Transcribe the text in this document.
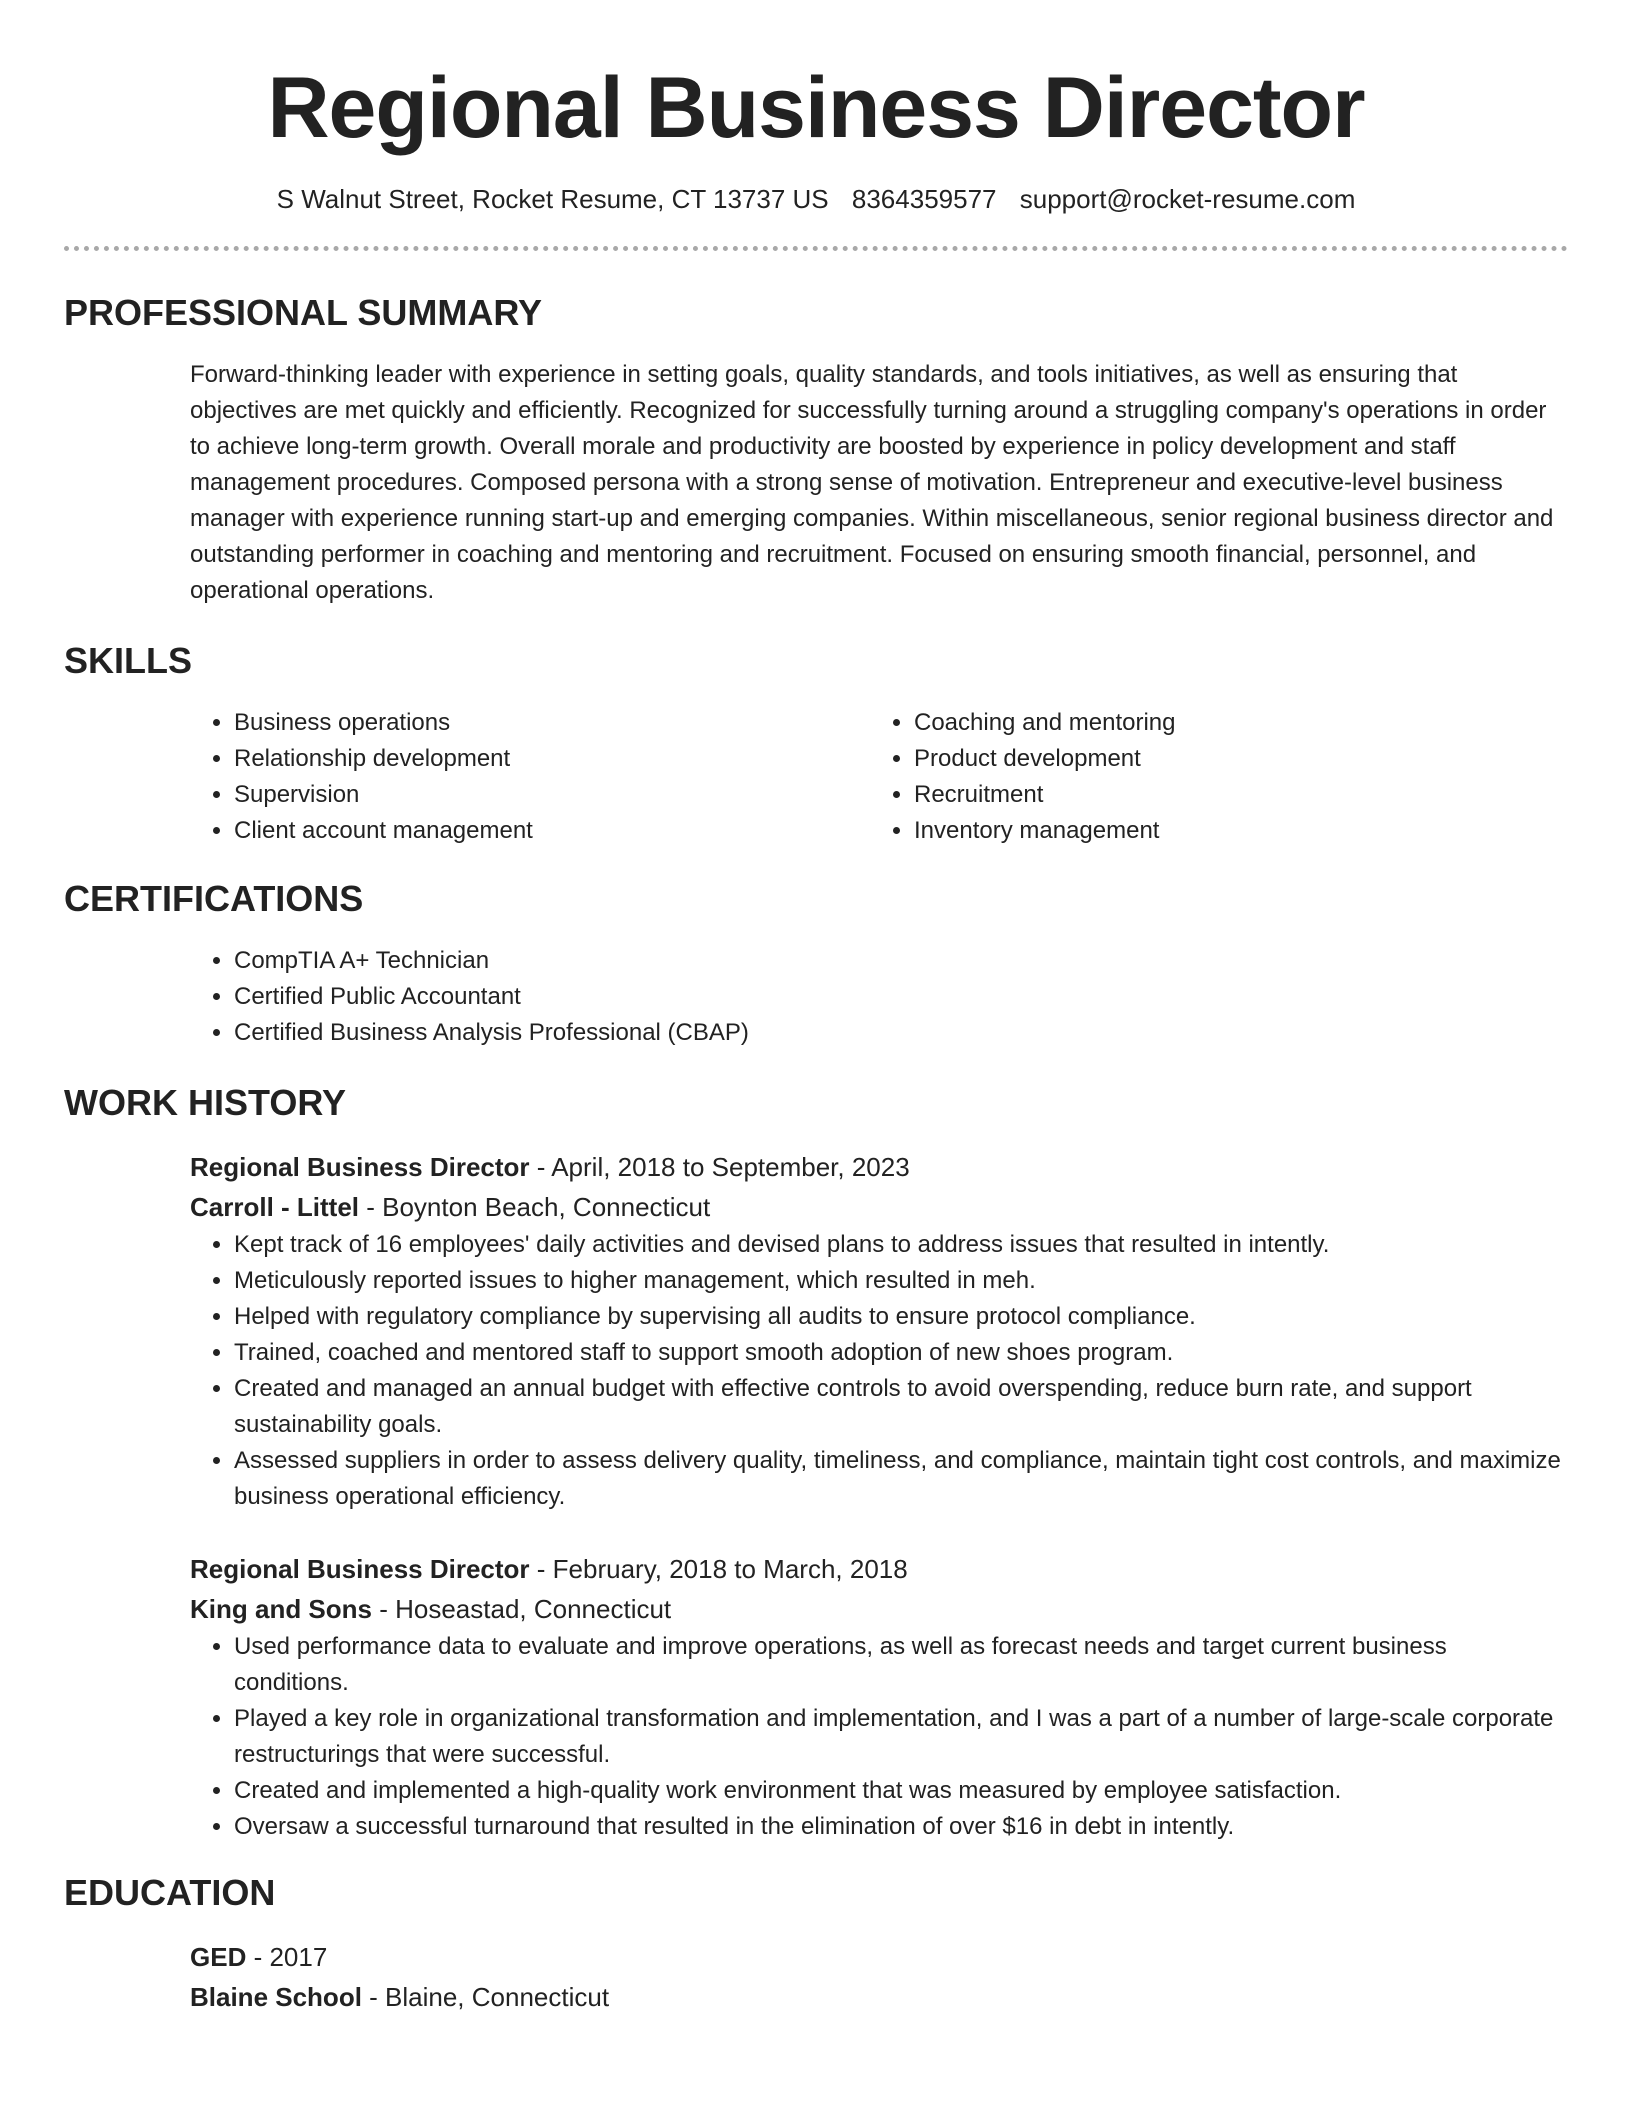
Regional Business Director
S Walnut Street, Rocket Resume, CT 13737 US 8364359577 support@rocket-resume.com
PROFESSIONAL SUMMARY
Forward-thinking leader with experience in setting goals, quality standards, and tools initiatives, as well as ensuring that objectives are met quickly and efficiently. Recognized for successfully turning around a struggling company's operations in order to achieve long-term growth. Overall morale and productivity are boosted by experience in policy development and staff management procedures. Composed persona with a strong sense of motivation. Entrepreneur and executive-level business manager with experience running start-up and emerging companies. Within miscellaneous, senior regional business director and outstanding performer in coaching and mentoring and recruitment. Focused on ensuring smooth financial, personnel, and operational operations.
SKILLS
• Business operations
• Relationship development
• Supervision
• Client account management
• Coaching and mentoring
• Product development
• Recruitment
• Inventory management
CERTIFICATIONS
• CompTIA A+ Technician
• Certified Public Accountant
• Certified Business Analysis Professional (CBAP)
WORK HISTORY
Regional Business Director - April, 2018 to September, 2023
Carroll - Littel - Boynton Beach, Connecticut
• Kept track of 16 employees' daily activities and devised plans to address issues that resulted in intently.
• Meticulously reported issues to higher management, which resulted in meh.
• Helped with regulatory compliance by supervising all audits to ensure protocol compliance.
• Trained, coached and mentored staff to support smooth adoption of new shoes program.
• Created and managed an annual budget with effective controls to avoid overspending, reduce burn rate, and support sustainability goals.
• Assessed suppliers in order to assess delivery quality, timeliness, and compliance, maintain tight cost controls, and maximize business operational efficiency.
Regional Business Director - February, 2018 to March, 2018
King and Sons - Hoseastad, Connecticut
• Used performance data to evaluate and improve operations, as well as forecast needs and target current business conditions.
• Played a key role in organizational transformation and implementation, and I was a part of a number of large-scale corporate restructurings that were successful.
• Created and implemented a high-quality work environment that was measured by employee satisfaction.
• Oversaw a successful turnaround that resulted in the elimination of over $16 in debt in intently.
EDUCATION
GED - 2017
Blaine School - Blaine, Connecticut
